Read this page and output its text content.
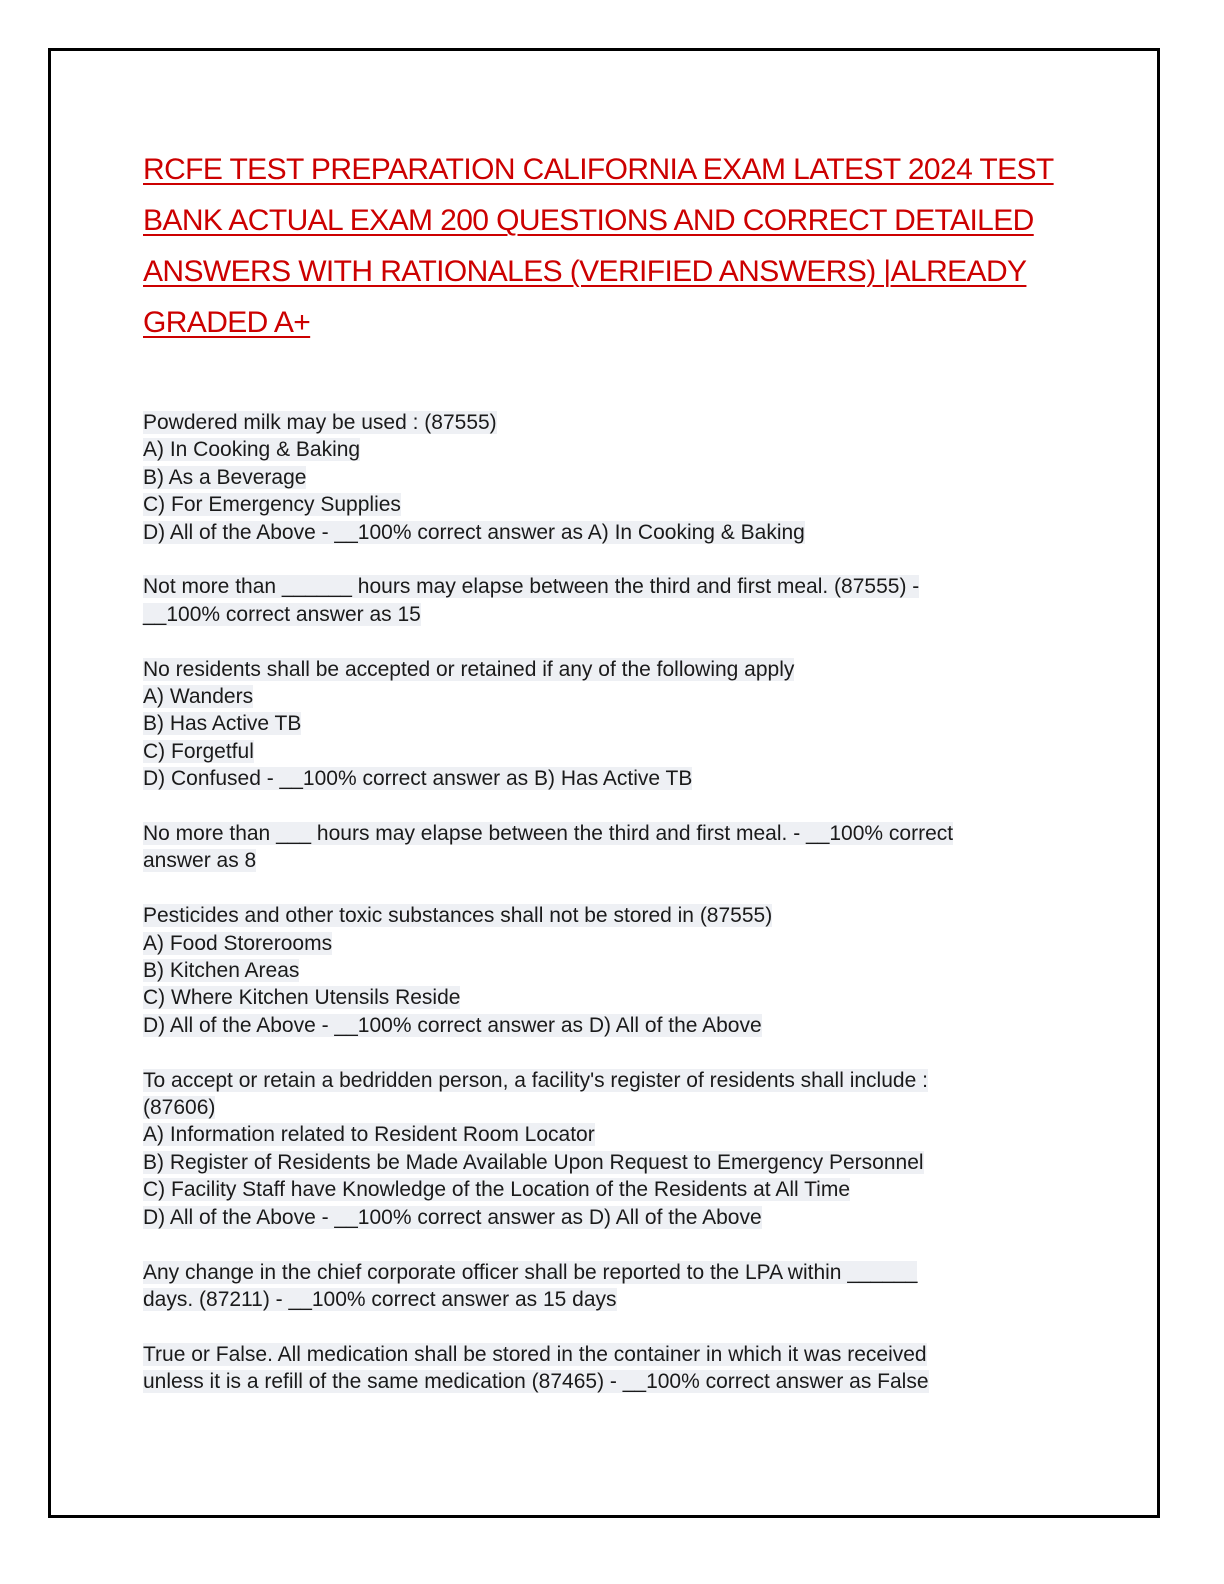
RCFE TEST PREPARATION CALIFORNIA EXAM LATEST 2024 TEST BANK ACTUAL EXAM 200 QUESTIONS AND CORRECT DETAILED ANSWERS WITH RATIONALES (VERIFIED ANSWERS) |ALREADY GRADED A+
Powdered milk may be used : (87555)
A) In Cooking & Baking
B) As a Beverage
C) For Emergency Supplies
D) All of the Above - __100% correct answer as A) In Cooking & Baking
Not more than ______ hours may elapse between the third and first meal. (87555) -
__100% correct answer as 15
No residents shall be accepted or retained if any of the following apply
A) Wanders
B) Has Active TB
C) Forgetful
D) Confused - __100% correct answer as B) Has Active TB
No more than ___ hours may elapse between the third and first meal. - __100% correct
answer as 8
Pesticides and other toxic substances shall not be stored in (87555)
A) Food Storerooms
B) Kitchen Areas
C) Where Kitchen Utensils Reside
D) All of the Above - __100% correct answer as D) All of the Above
To accept or retain a bedridden person, a facility's register of residents shall include :
(87606)
A) Information related to Resident Room Locator
B) Register of Residents be Made Available Upon Request to Emergency Personnel
C) Facility Staff have Knowledge of the Location of the Residents at All Time
D) All of the Above - __100% correct answer as D) All of the Above
Any change in the chief corporate officer shall be reported to the LPA within ______
days. (87211) - __100% correct answer as 15 days
True or False. All medication shall be stored in the container in which it was received
unless it is a refill of the same medication (87465) - __100% correct answer as False
